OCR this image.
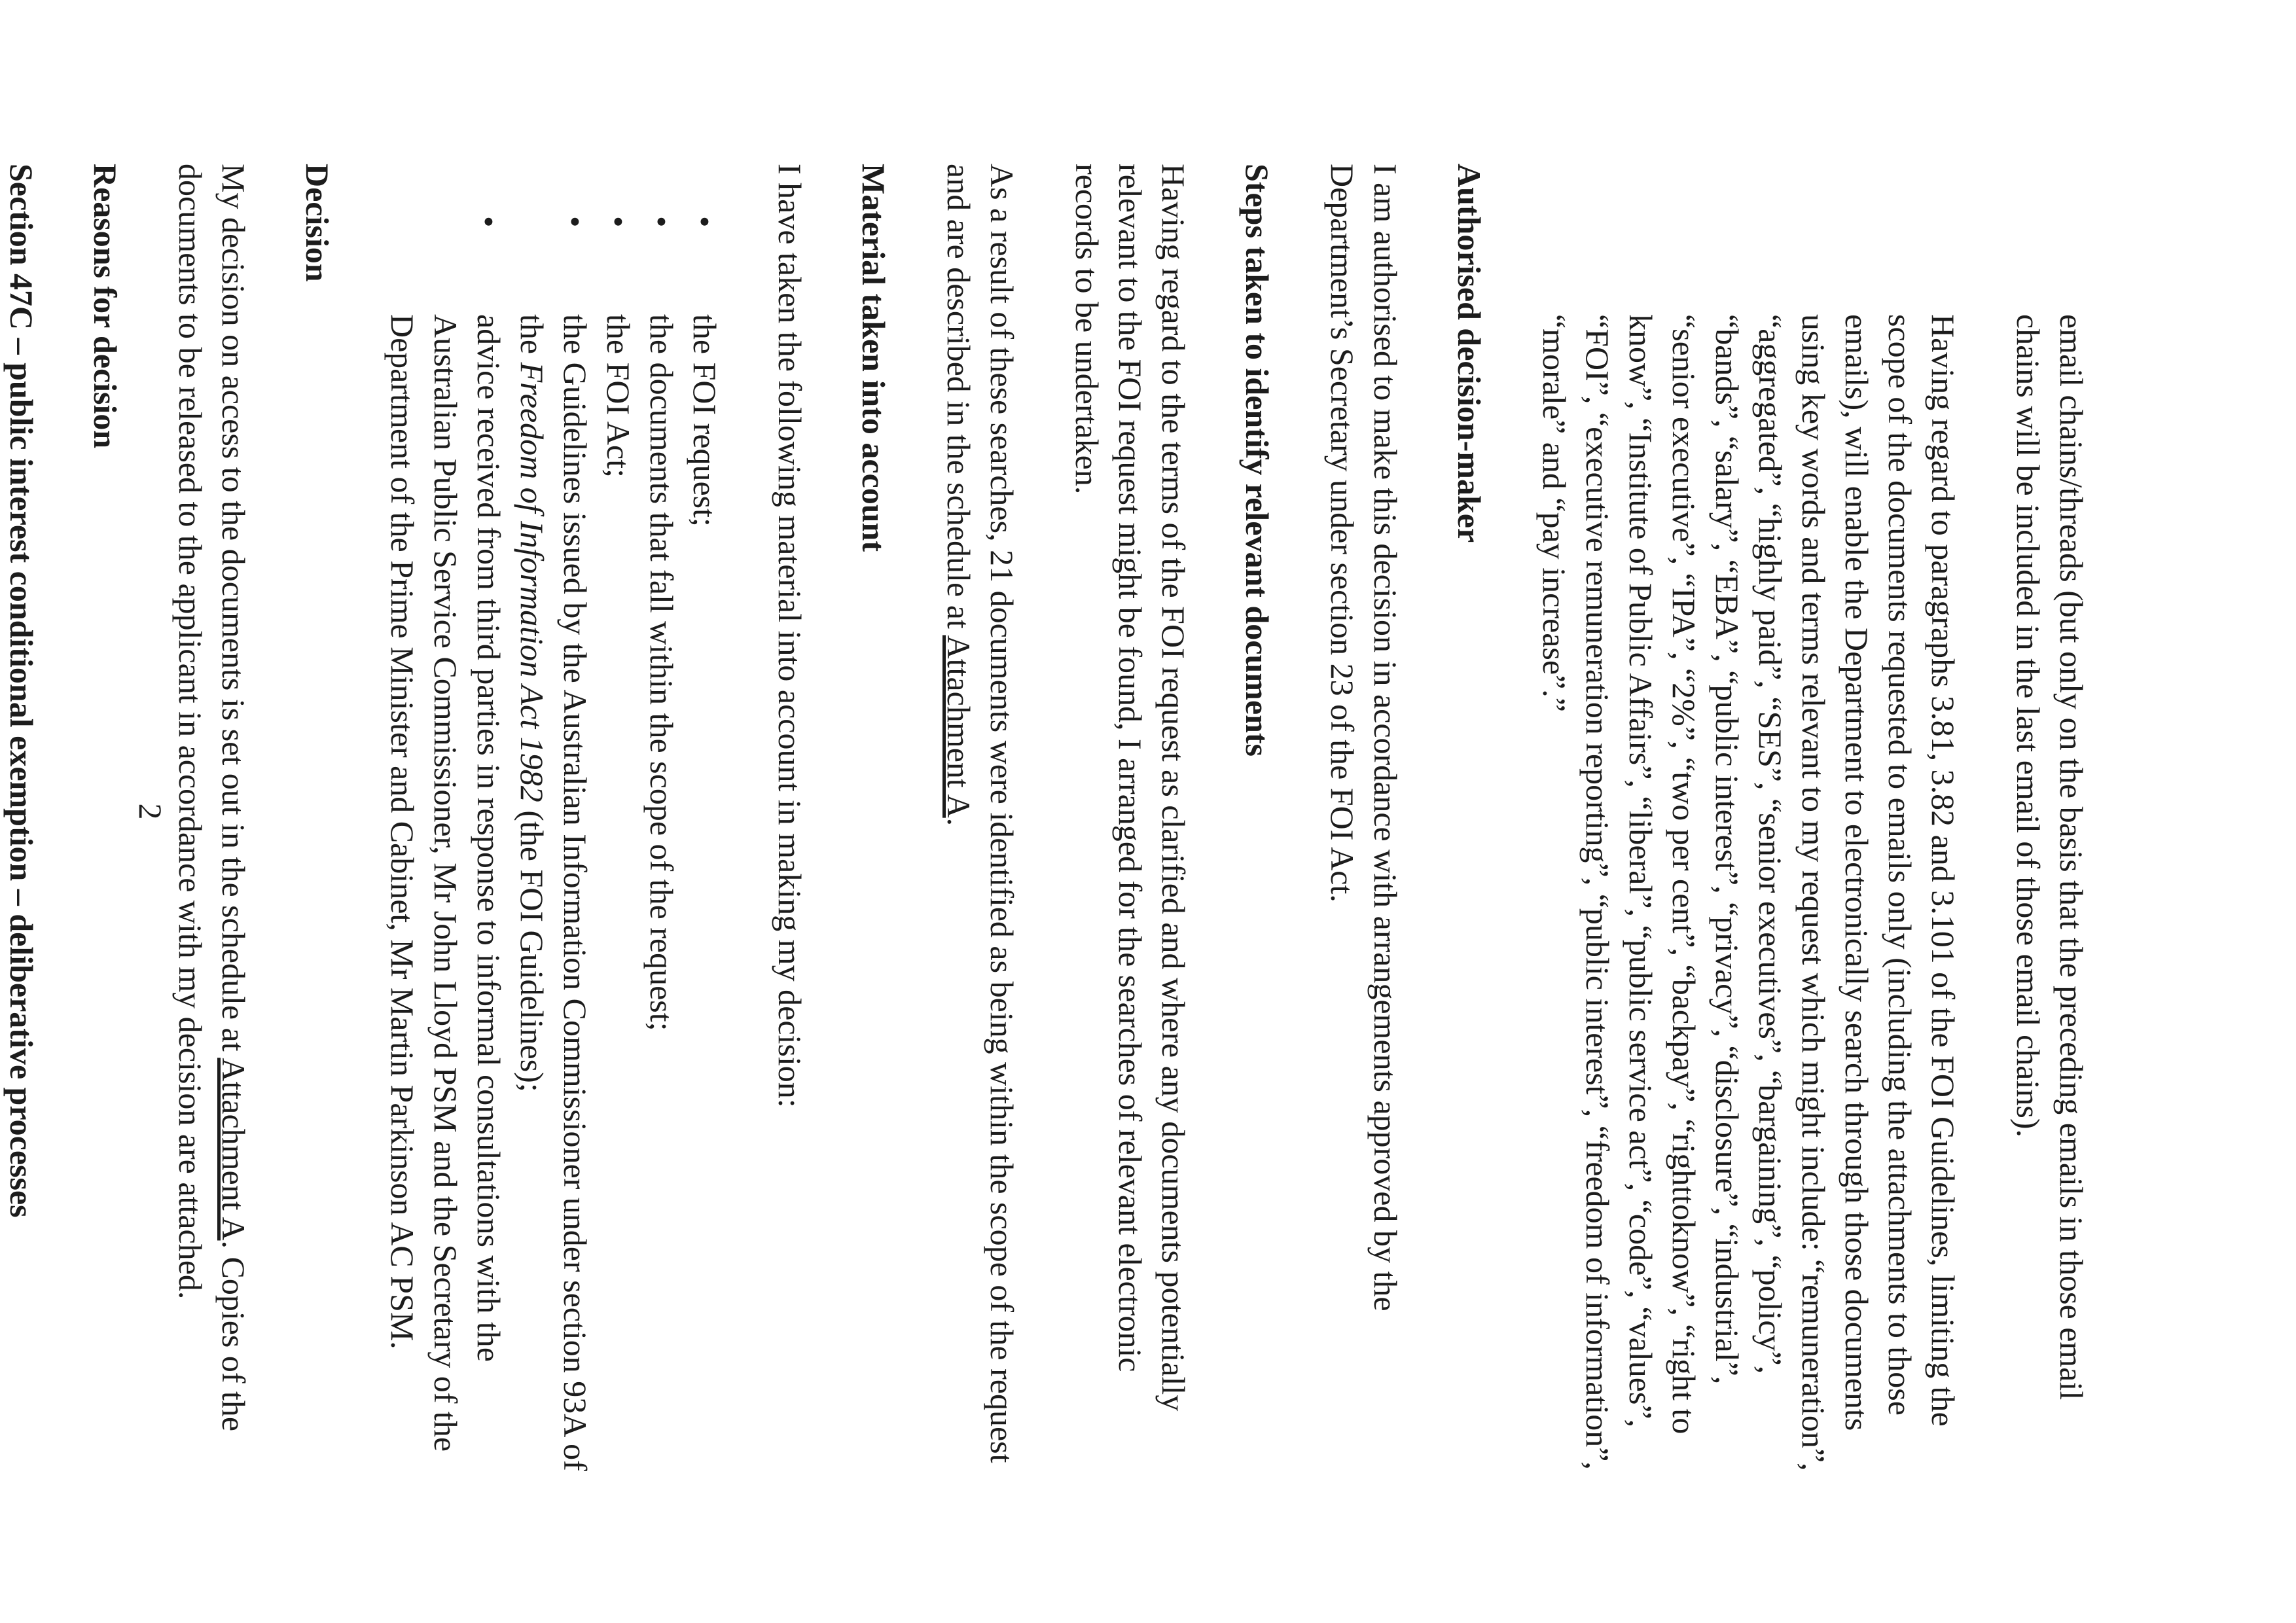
email chains/threads (but only on the basis that the preceding emails in those email chains will be included in the last email of those email chains).

Having regard to paragraphs 3.81, 3.82 and 3.101 of the FOI Guidelines, limiting the scope of the documents requested to emails only (including the attachments to those emails), will enable the Department to electronically search through those documents using key words and terms relevant to my request which might include: “remuneration”, “aggregated”, “highly paid”, “SES”, “senior executives”, “bargaining”, “policy”, “bands”, “salary”, “EBA”, “public interest”, “privacy”, “disclosure”, “industrial”, “senior executive”, “IPA”, “2%”, “two per cent”, “backpay”, “righttoknow”, “right to know”, “Institute of Public Affairs”, “liberal”, “public service act”, “code”, “values”, “FOI”, “executive remuneration reporting”, “public interest”, “freedom of information”, “morale” and “pay increase”.”

Authorised decision-maker

I am authorised to make this decision in accordance with arrangements approved by the Department’s Secretary under section 23 of the FOI Act.

Steps taken to identify relevant documents

Having regard to the terms of the FOI request as clarified and where any documents potentially relevant to the FOI request might be found, I arranged for the searches of relevant electronic records to be undertaken.

As a result of these searches, 21 documents were identified as being within the scope of the request and are described in the schedule at Attachment A.

Material taken into account

I have taken the following material into account in making my decision:

•
the FOI request;
•
the documents that fall within the scope of the request;
•
the FOI Act;
•
the Guidelines issued by the Australian Information Commissioner under section 93A of the Freedom of Information Act 1982 (the FOI Guidelines);
•
advice received from third parties in response to informal consultations with the Australian Public Service Commissioner, Mr John Lloyd PSM and the Secretary of the Department of the Prime Minister and Cabinet, Mr Martin Parkinson AC PSM.
Decision

My decision on access to the documents is set out in the schedule at Attachment A. Copies of the documents to be released to the applicant in accordance with my decision are attached.

Reasons for decision
Section 47C – public interest conditional exemption – deliberative processes	2
